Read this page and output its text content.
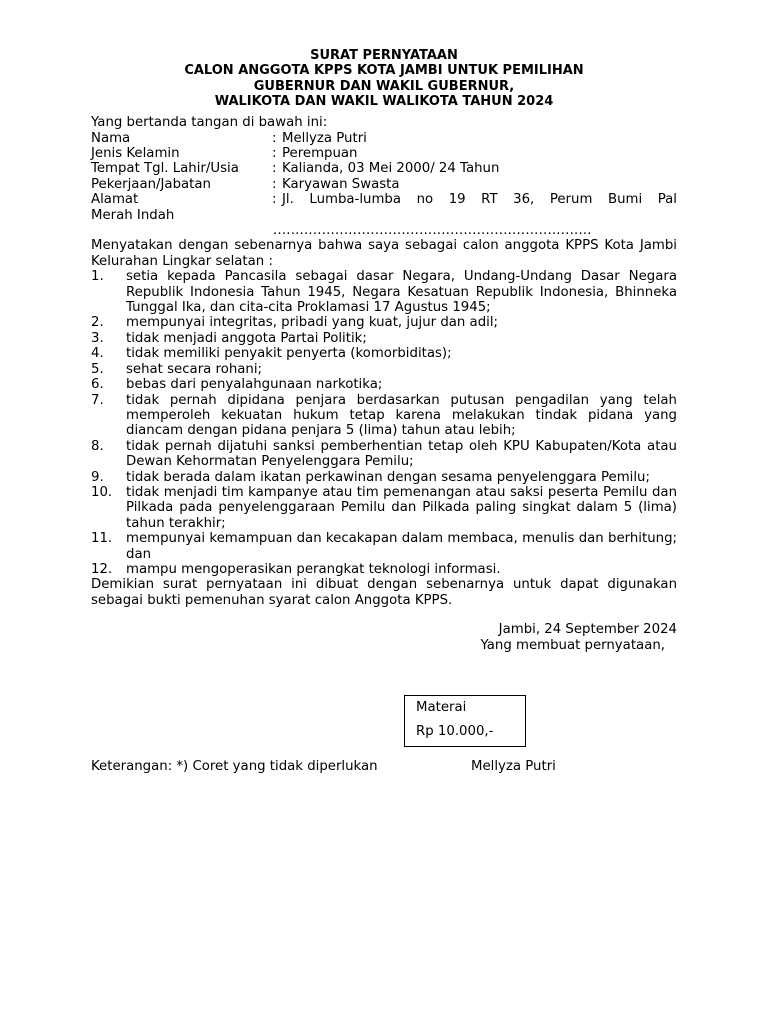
SURAT PERNYATAAN

CALON ANGGOTA KPPS KOTA JAMBI UNTUK PEMILIHAN

GUBERNUR DAN WAKIL GUBERNUR,

WALIKOTA DAN WAKIL WALIKOTA TAHUN 2024

Yang bertanda tangan di bawah ini:
Nama	: Mellyza Putri
Jenis Kelamin	: Perempuan
Tempat Tgl. Lahir/Usia	: Kalianda, 03 Mei 2000/ 24 Tahun
Pekerjaan/Jabatan	: Karyawan Swasta
Alamat	: Jl. Lumba-lumba no 19 RT 36, Perum Bumi Pal
Merah Indah
........................................................................
Menyatakan dengan sebenarnya bahwa saya sebagai calon anggota KPPS Kota Jambi Kelurahan Lingkar selatan :
1.	setia kepada Pancasila sebagai dasar Negara, Undang-Undang Dasar Negara Republik Indonesia Tahun 1945, Negara Kesatuan Republik Indonesia, Bhinneka Tunggal Ika, dan cita-cita Proklamasi 17 Agustus 1945;
2.	mempunyai integritas, pribadi yang kuat, jujur dan adil;
3.	tidak menjadi anggota Partai Politik;
4.	tidak memiliki penyakit penyerta (komorbiditas);
5.	sehat secara rohani;
6.	bebas dari penyalahgunaan narkotika;
7.	tidak pernah dipidana penjara berdasarkan putusan pengadilan yang telah memperoleh kekuatan hukum tetap karena melakukan tindak pidana yang diancam dengan pidana penjara 5 (lima) tahun atau lebih;
8.	tidak pernah dijatuhi sanksi pemberhentian tetap oleh KPU Kabupaten/Kota atau Dewan Kehormatan Penyelenggara Pemilu;
9.	tidak berada dalam ikatan perkawinan dengan sesama penyelenggara Pemilu;
10.	tidak menjadi tim kampanye atau tim pemenangan atau saksi peserta Pemilu dan Pilkada pada penyelenggaraan Pemilu dan Pilkada paling singkat dalam 5 (lima) tahun terakhir;
11.	mempunyai kemampuan dan kecakapan dalam membaca, menulis dan berhitung; dan
12.	mampu mengoperasikan perangkat teknologi informasi.
Demikian surat pernyataan ini dibuat dengan sebenarnya untuk dapat digunakan sebagai bukti pemenuhan syarat calon Anggota KPPS.
Jambi, 24 September 2024
Yang membuat pernyataan,
Materai
Rp 10.000,-
Keterangan: *) Coret yang tidak diperlukan	Mellyza Putri
